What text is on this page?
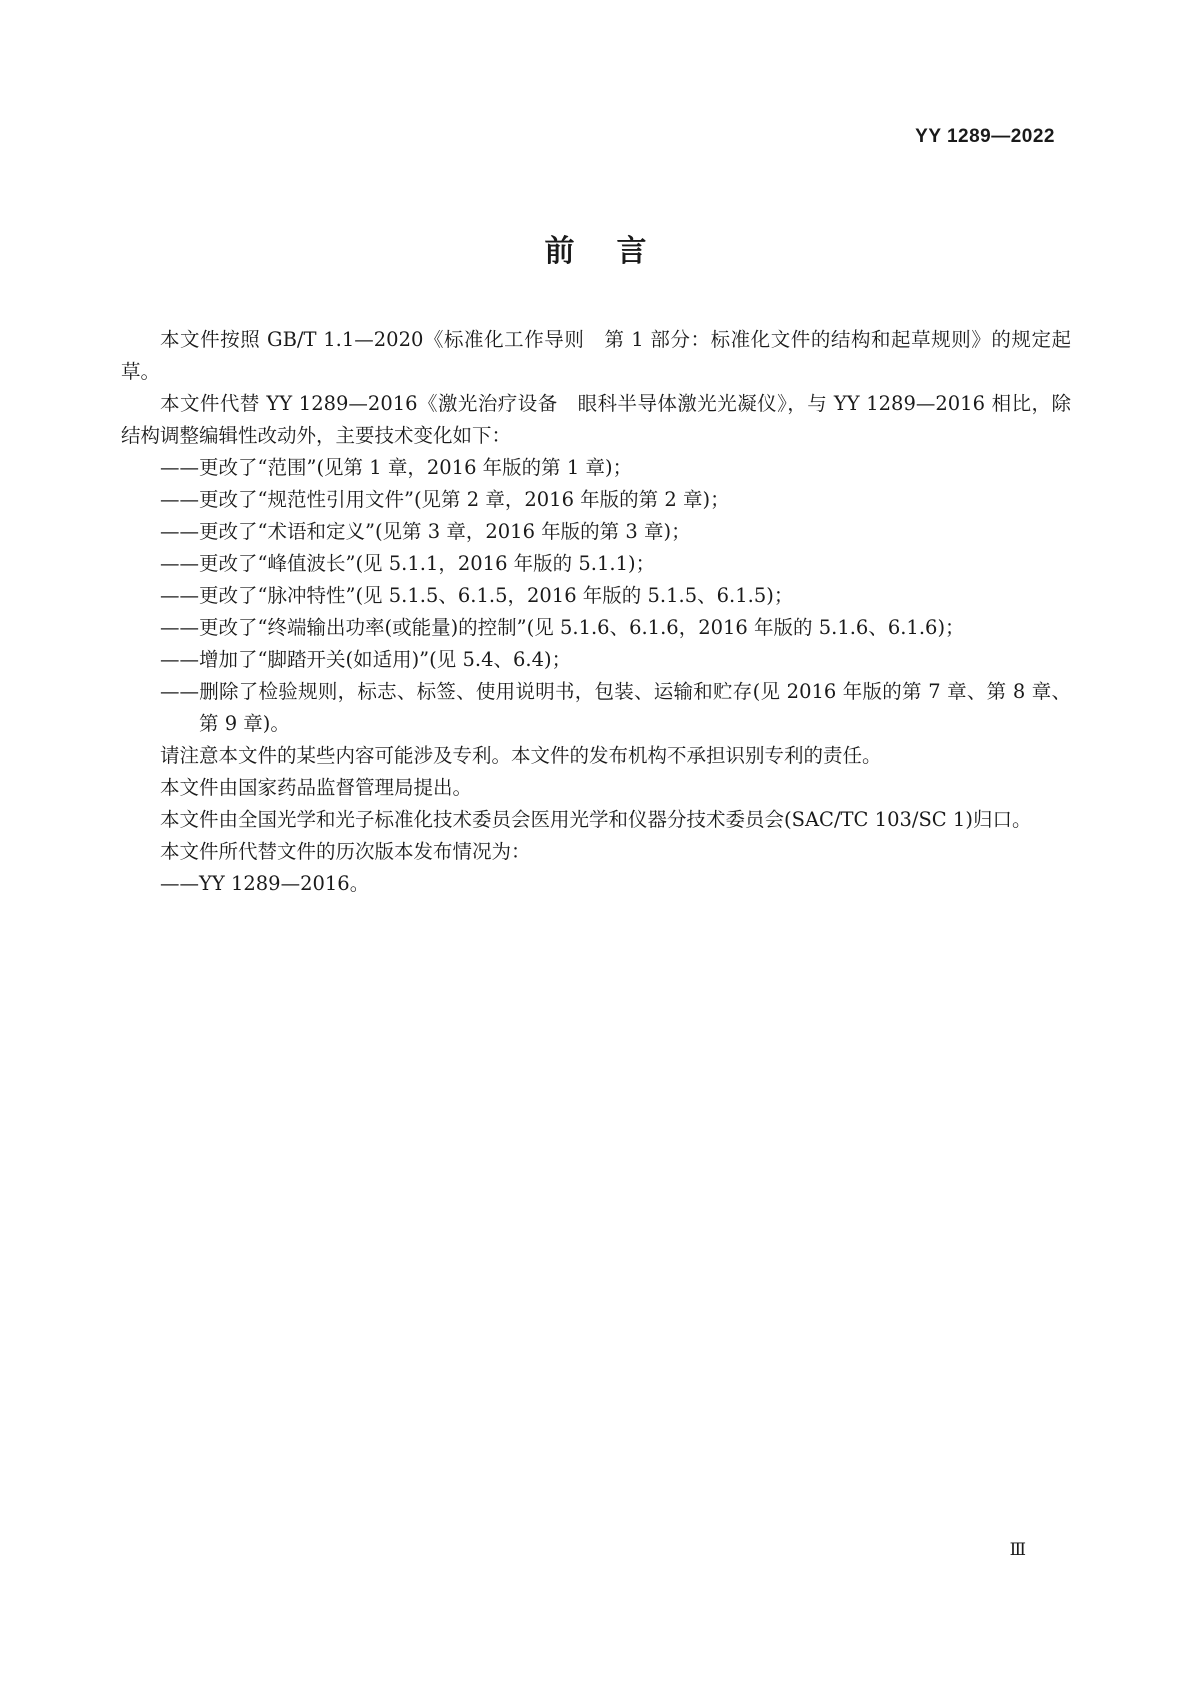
YY 1289—2022
前言

本文件按照 GB/T 1.1—2020《标准化工作导则　第 1 部分：标准化文件的结构和起草规则》的规定起草。

本文件代替 YY 1289—2016《激光治疗设备　眼科半导体激光光凝仪》，与 YY 1289—2016 相比，除结构调整编辑性改动外，主要技术变化如下：

——更改了“范围”(见第 1 章，2016 年版的第 1 章)；

——更改了“规范性引用文件”(见第 2 章，2016 年版的第 2 章)；

——更改了“术语和定义”(见第 3 章，2016 年版的第 3 章)；

——更改了“峰值波长”(见 5.1.1，2016 年版的 5.1.1)；

——更改了“脉冲特性”(见 5.1.5、6.1.5，2016 年版的 5.1.5、6.1.5)；

——更改了“终端输出功率(或能量)的控制”(见 5.1.6、6.1.6，2016 年版的 5.1.6、6.1.6)；

——增加了“脚踏开关(如适用)”(见 5.4、6.4)；

——删除了检验规则，标志、标签、使用说明书，包装、运输和贮存(见 2016 年版的第 7 章、第 8 章、第 9 章)。

请注意本文件的某些内容可能涉及专利。本文件的发布机构不承担识别专利的责任。

本文件由国家药品监督管理局提出。

本文件由全国光学和光子标准化技术委员会医用光学和仪器分技术委员会(SAC/TC 103/SC 1)归口。

本文件所代替文件的历次版本发布情况为：

——YY 1289—2016。

Ⅲ
